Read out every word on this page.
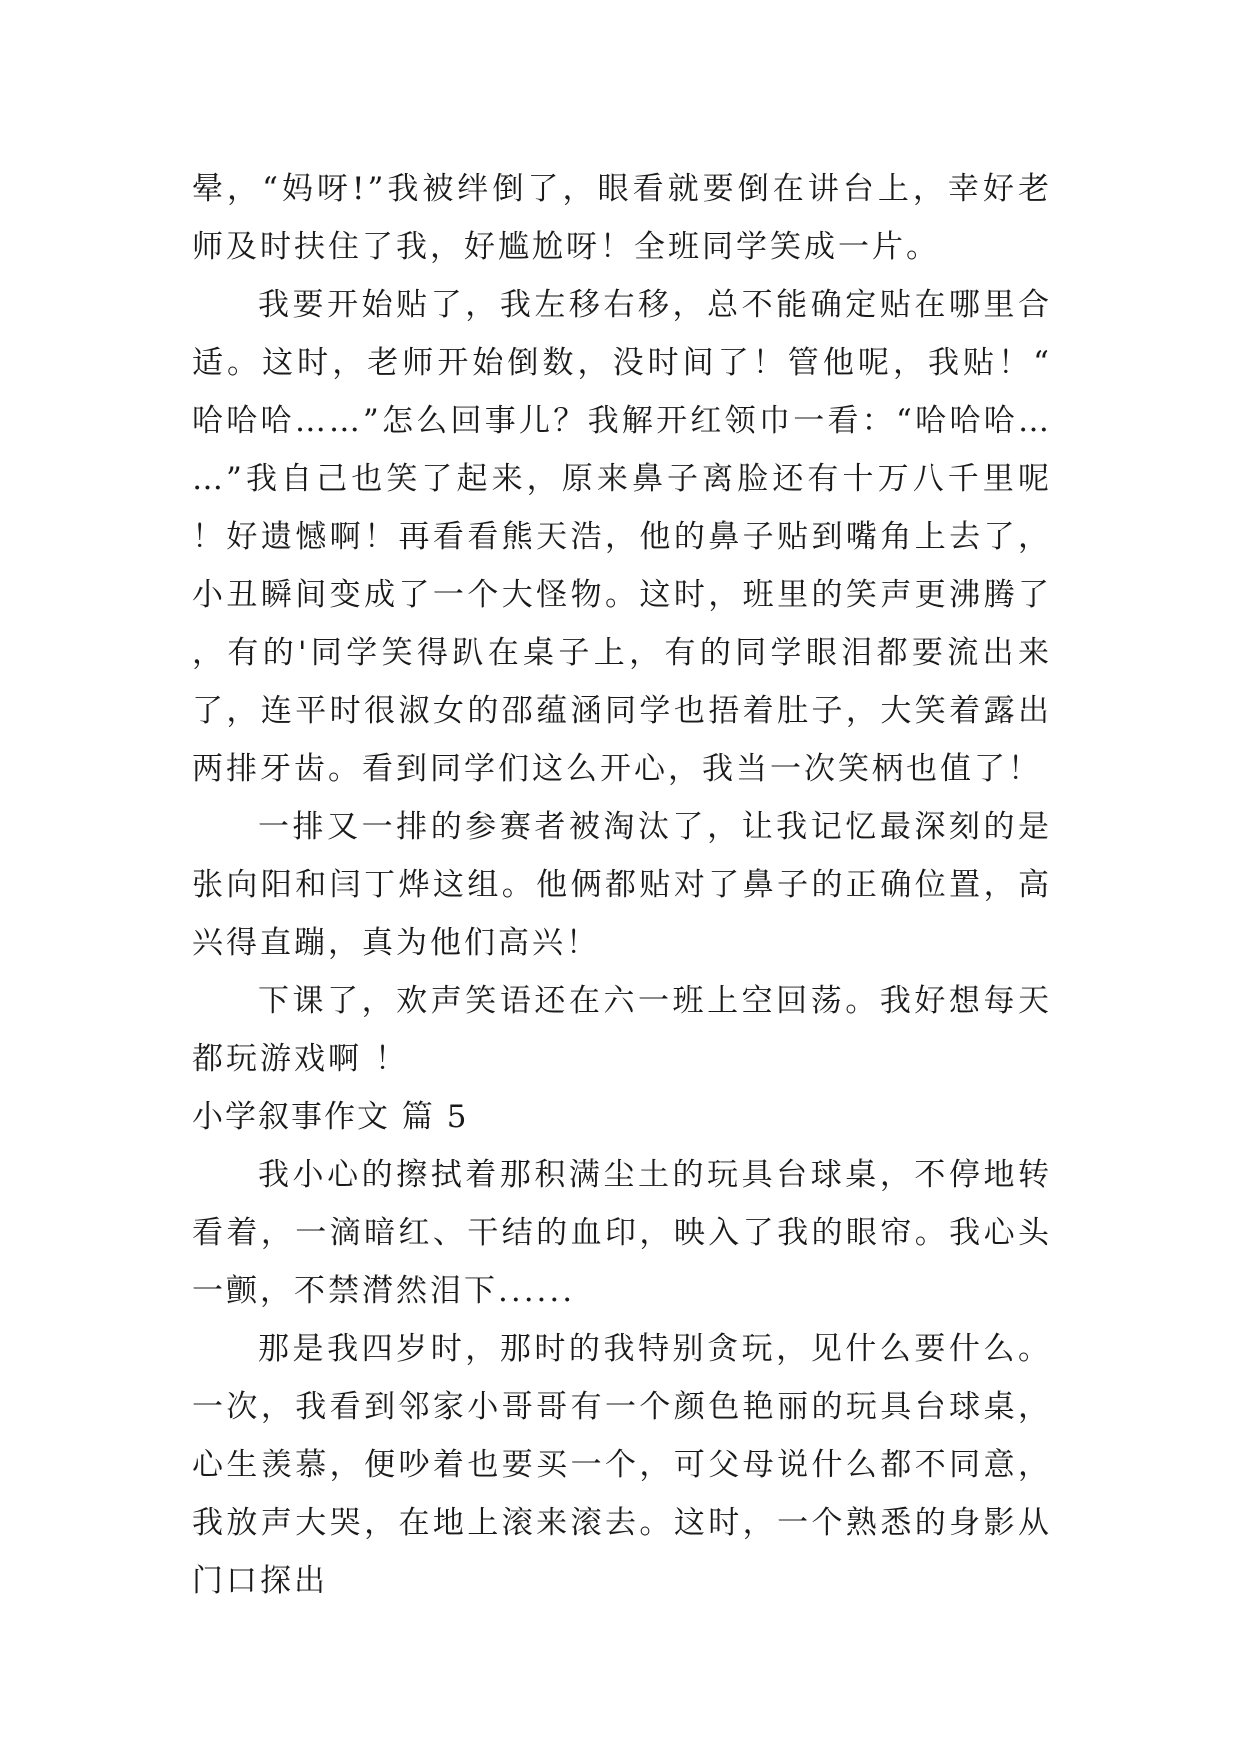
晕，“妈呀!”我被绊倒了，眼看就要倒在讲台上，幸好老师及时扶住了我，好尴尬呀！全班同学笑成一片。

我要开始贴了，我左移右移，总不能确定贴在哪里合适。这时，老师开始倒数，没时间了！管他呢，我贴！“哈哈哈……”怎么回事儿？我解开红领巾一看：“哈哈哈……”我自己也笑了起来，原来鼻子离脸还有十万八千里呢！好遗憾啊！再看看熊天浩，他的鼻子贴到嘴角上去了，小丑瞬间变成了一个大怪物。这时，班里的笑声更沸腾了，有的'同学笑得趴在桌子上，有的同学眼泪都要流出来了，连平时很淑女的邵蕴涵同学也捂着肚子，大笑着露出两排牙齿。看到同学们这么开心，我当一次笑柄也值了！

一排又一排的参赛者被淘汰了，让我记忆最深刻的是张向阳和闫丁烨这组。他俩都贴对了鼻子的正确位置，高兴得直蹦，真为他们高兴！

下课了，欢声笑语还在六一班上空回荡。我好想每天都玩游戏啊 ！

小学叙事作文 篇 5

我小心的擦拭着那积满尘土的玩具台球桌，不停地转看着，一滴暗红、干结的血印，映入了我的眼帘。我心头一颤，不禁潸然泪下......

那是我四岁时，那时的我特别贪玩，见什么要什么。一次，我看到邻家小哥哥有一个颜色艳丽的玩具台球桌，心生羡慕，便吵着也要买一个，可父母说什么都不同意，我放声大哭，在地上滚来滚去。这时，一个熟悉的身影从门口探出
